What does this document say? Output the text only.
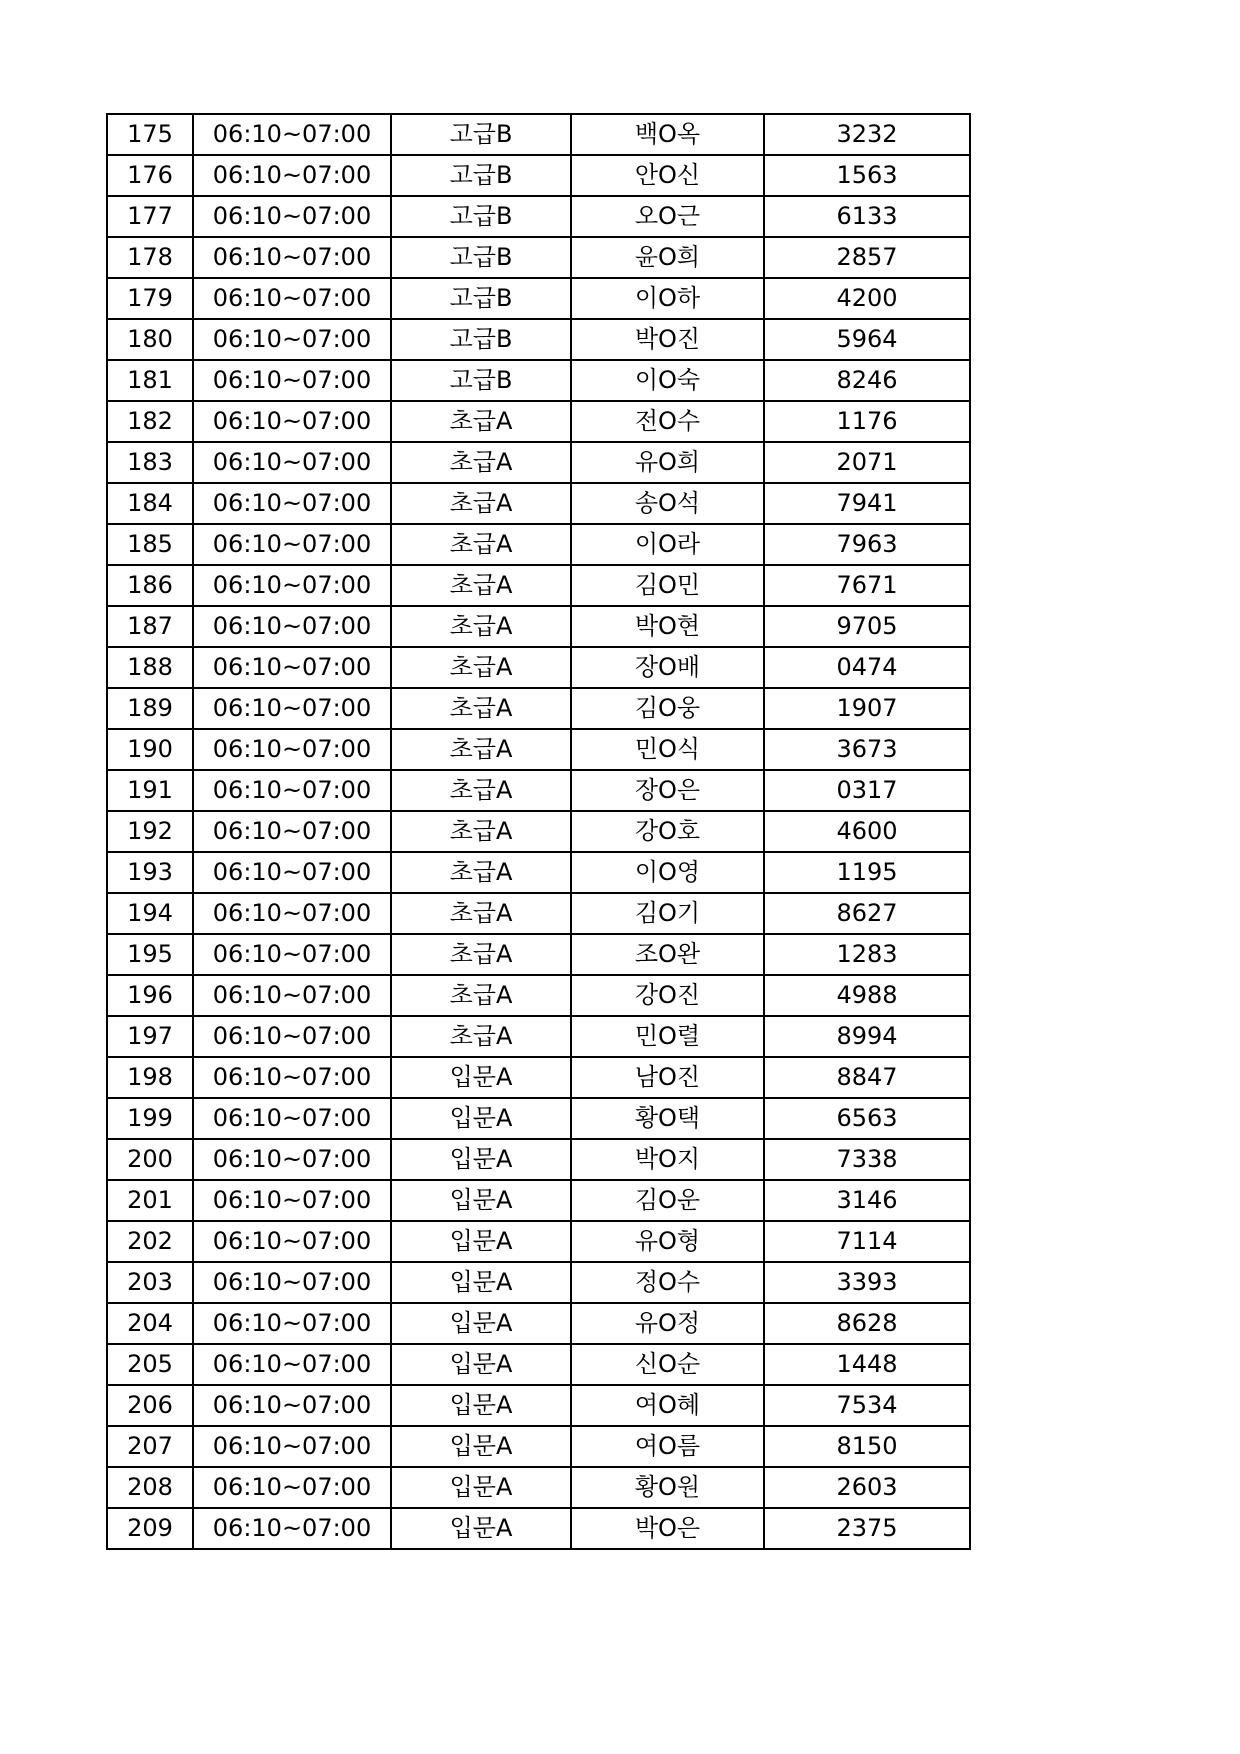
175	06:10~07:00	고급B	백O옥	3232
176	06:10~07:00	고급B	안O신	1563
177	06:10~07:00	고급B	오O근	6133
178	06:10~07:00	고급B	윤O희	2857
179	06:10~07:00	고급B	이O하	4200
180	06:10~07:00	고급B	박O진	5964
181	06:10~07:00	고급B	이O숙	8246
182	06:10~07:00	초급A	전O수	1176
183	06:10~07:00	초급A	유O희	2071
184	06:10~07:00	초급A	송O석	7941
185	06:10~07:00	초급A	이O라	7963
186	06:10~07:00	초급A	김O민	7671
187	06:10~07:00	초급A	박O현	9705
188	06:10~07:00	초급A	장O배	0474
189	06:10~07:00	초급A	김O웅	1907
190	06:10~07:00	초급A	민O식	3673
191	06:10~07:00	초급A	장O은	0317
192	06:10~07:00	초급A	강O호	4600
193	06:10~07:00	초급A	이O영	1195
194	06:10~07:00	초급A	김O기	8627
195	06:10~07:00	초급A	조O완	1283
196	06:10~07:00	초급A	강O진	4988
197	06:10~07:00	초급A	민O렬	8994
198	06:10~07:00	입문A	남O진	8847
199	06:10~07:00	입문A	황O택	6563
200	06:10~07:00	입문A	박O지	7338
201	06:10~07:00	입문A	김O운	3146
202	06:10~07:00	입문A	유O형	7114
203	06:10~07:00	입문A	정O수	3393
204	06:10~07:00	입문A	유O정	8628
205	06:10~07:00	입문A	신O순	1448
206	06:10~07:00	입문A	여O혜	7534
207	06:10~07:00	입문A	여O름	8150
208	06:10~07:00	입문A	황O원	2603
209	06:10~07:00	입문A	박O은	2375
